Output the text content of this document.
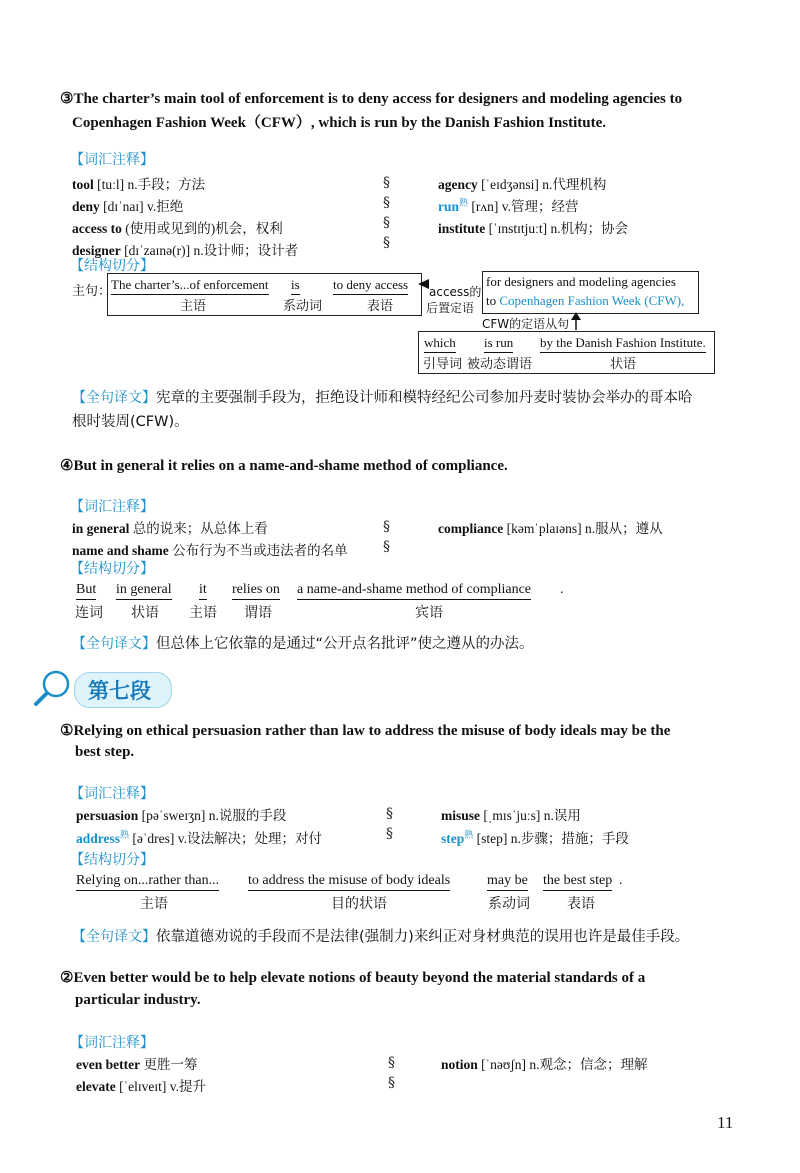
③The charter’s main tool of enforcement is to deny access for designers and modeling agencies to
Copenhagen Fashion Week（CFW）, which is run by the Danish Fashion Institute.
【词汇注释】
tool [tuːl] n.手段；方法
deny [dɪˈnaɪ] v.拒绝
access to (使用或见到的)机会，权利
designer [dɪˈzaɪnə(r)] n.设计师；设计者
§
§
§
§
agency [ˈeɪdʒənsi] n.代理机构
run$^熟$ [rʌn] v.管理；经营
institute [ˈɪnstɪtjuːt] n.机构；协会
【结构切分】
主句： The charter’s...of enforcement
主语
is
系动词
to deny access
表语
access的
后置定语
for designers and modeling agencies
to Copenhagen Fashion Week (CFW),
CFW的定语从句
which
引导词
is run
被动态谓语
by the Danish Fashion Institute.
状语
【全句译文】宪章的主要强制手段为，拒绝设计师和模特经纪公司参加丹麦时装协会举办的哥本哈
根时装周(CFW)。
④But in general it relies on a name-and-shame method of compliance.
【词汇注释】
in general 总的说来；从总体上看
name and shame 公布行为不当或违法者的名单
§
§
compliance [kəmˈplaɪəns] n.服从；遵从
【结构切分】
But
连词
in general
状语
it
主语
relies on
谓语
a name-and-shame method of compliance .
宾语
【全句译文】但总体上它依靠的是通过“公开点名批评”使之遵从的办法。
第七段
①Relying on ethical persuasion rather than law to address the misuse of body ideals may be the
best step.
【词汇注释】
persuasion [pəˈsweɪʒn] n.说服的手段
address$^熟$ [əˈdres] v.设法解决；处理；对付
§
§
misuse [ˌmɪsˈjuːs] n.误用
step$^熟$ [step] n.步骤；措施；手段
【结构切分】
Relying on...rather than...
主语
to address the misuse of body ideals
目的状语
may be
系动词
the best step .
表语
【全句译文】依靠道德劝说的手段而不是法律(强制力)来纠正对身材典范的误用也许是最佳手段。
②Even better would be to help elevate notions of beauty beyond the material standards of a
particular industry.
【词汇注释】
even better 更胜一筹
elevate [ˈelɪveɪt] v.提升
§
§
notion [ˈnəʊʃn] n.观念；信念；理解
11
